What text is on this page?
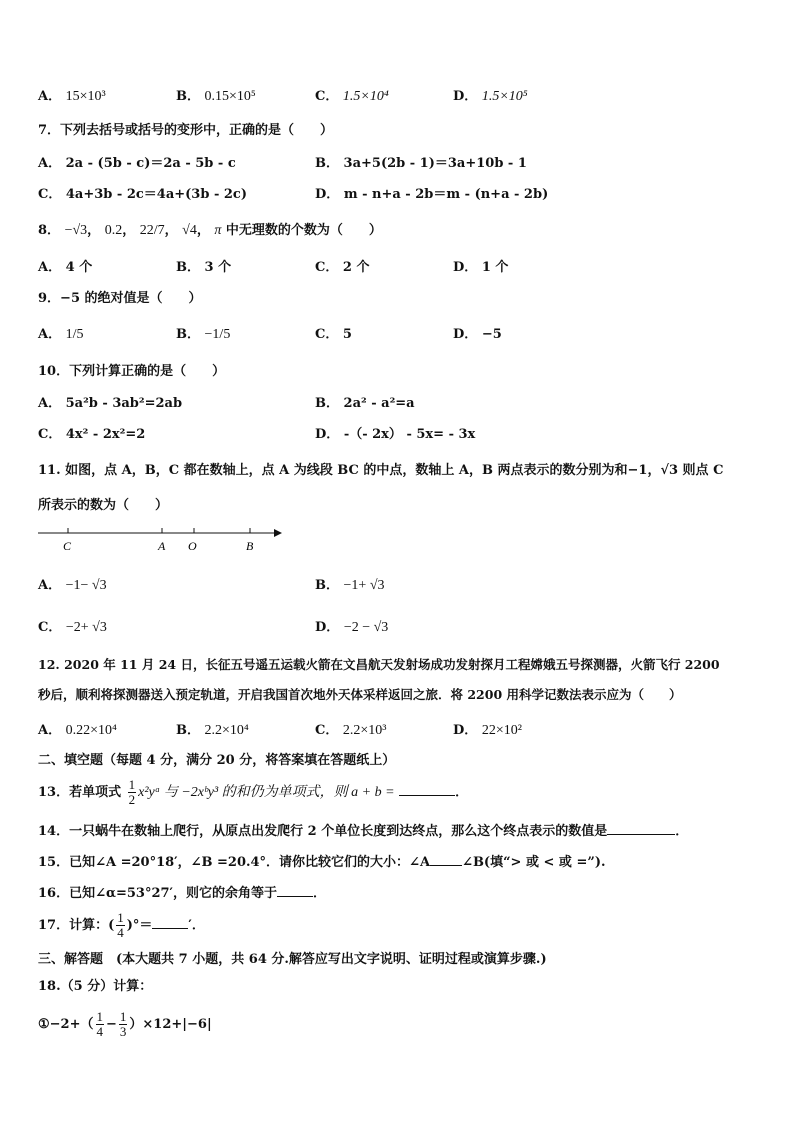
A． 15×10³	B． 0.15×10⁵	C． 1.5×10⁴	D． 1.5×10⁵
7．下列去括号或括号的变形中，正确的是（　　）
A． 2a - (5b - c)＝2a - 5b - c	B． 3a+5(2b - 1)＝3a+10b - 1
C． 4a+3b - 2c＝4a+(3b - 2c)	D． m - n+a - 2b＝m - (n+a - 2b)
8． −√3， 0.2， 22/7， √4， π 中无理数的个数为（　　）
A． 4 个	B． 3 个	C． 2 个	D． 1 个
9．−5 的绝对值是（　　）
A． 1/5	B． −1/5	C． 5	D． −5
10．下列计算正确的是（　　）
A． 5a²b - 3ab²=2ab	B． 2a² - a²=a
C． 4x² - 2x²=2	D． -（- 2x） - 5x= - 3x
11. 如图，点 A，B，C 都在数轴上，点 A 为线段 BC 的中点，数轴上 A，B 两点表示的数分别为和−1，√3 则点 C
所表示的数为（　　）
C	A O	B
A． −1− √3	B． −1+ √3
C． −2+ √3	D． −2 − √3
12. 2020 年 11 月 24 日，长征五号遥五运载火箭在文昌航天发射场成功发射探月工程嫦娥五号探测器，火箭飞行 2200
秒后，顺利将探测器送入预定轨道，开启我国首次地外天体采样返回之旅．将 2200 用科学记数法表示应为（　　）
A． 0.22×10⁴	B． 2.2×10⁴	C． 2.2×10³	D． 22×10²
二、填空题（每题 4 分，满分 20 分，将答案填在答题纸上）
13．若单项式 $\frac{1}{2}$ x²yᵃ 与 −2xᵇy³ 的和仍为单项式，则 a + b =	．
14．一只蜗牛在数轴上爬行，从原点出发爬行 2 个单位长度到达终点，那么这个终点表示的数值是	．
15．已知∠A =20°18′，∠B =20.4°．请你比较它们的大小：∠A ∠B(填“> 或 < 或 =”).
16．已知∠α=53°27′，则它的余角等于	．
17．计算：( $\frac{1}{4}$ )°＝	′．
三、解答题　(本大题共 7 小题，共 64 分.解答应写出文字说明、证明过程或演算步骤.)
18.（5 分）计算：
①−2+（ $\frac{1}{4} - \frac{1}{3} )\times 12+|-6|$
